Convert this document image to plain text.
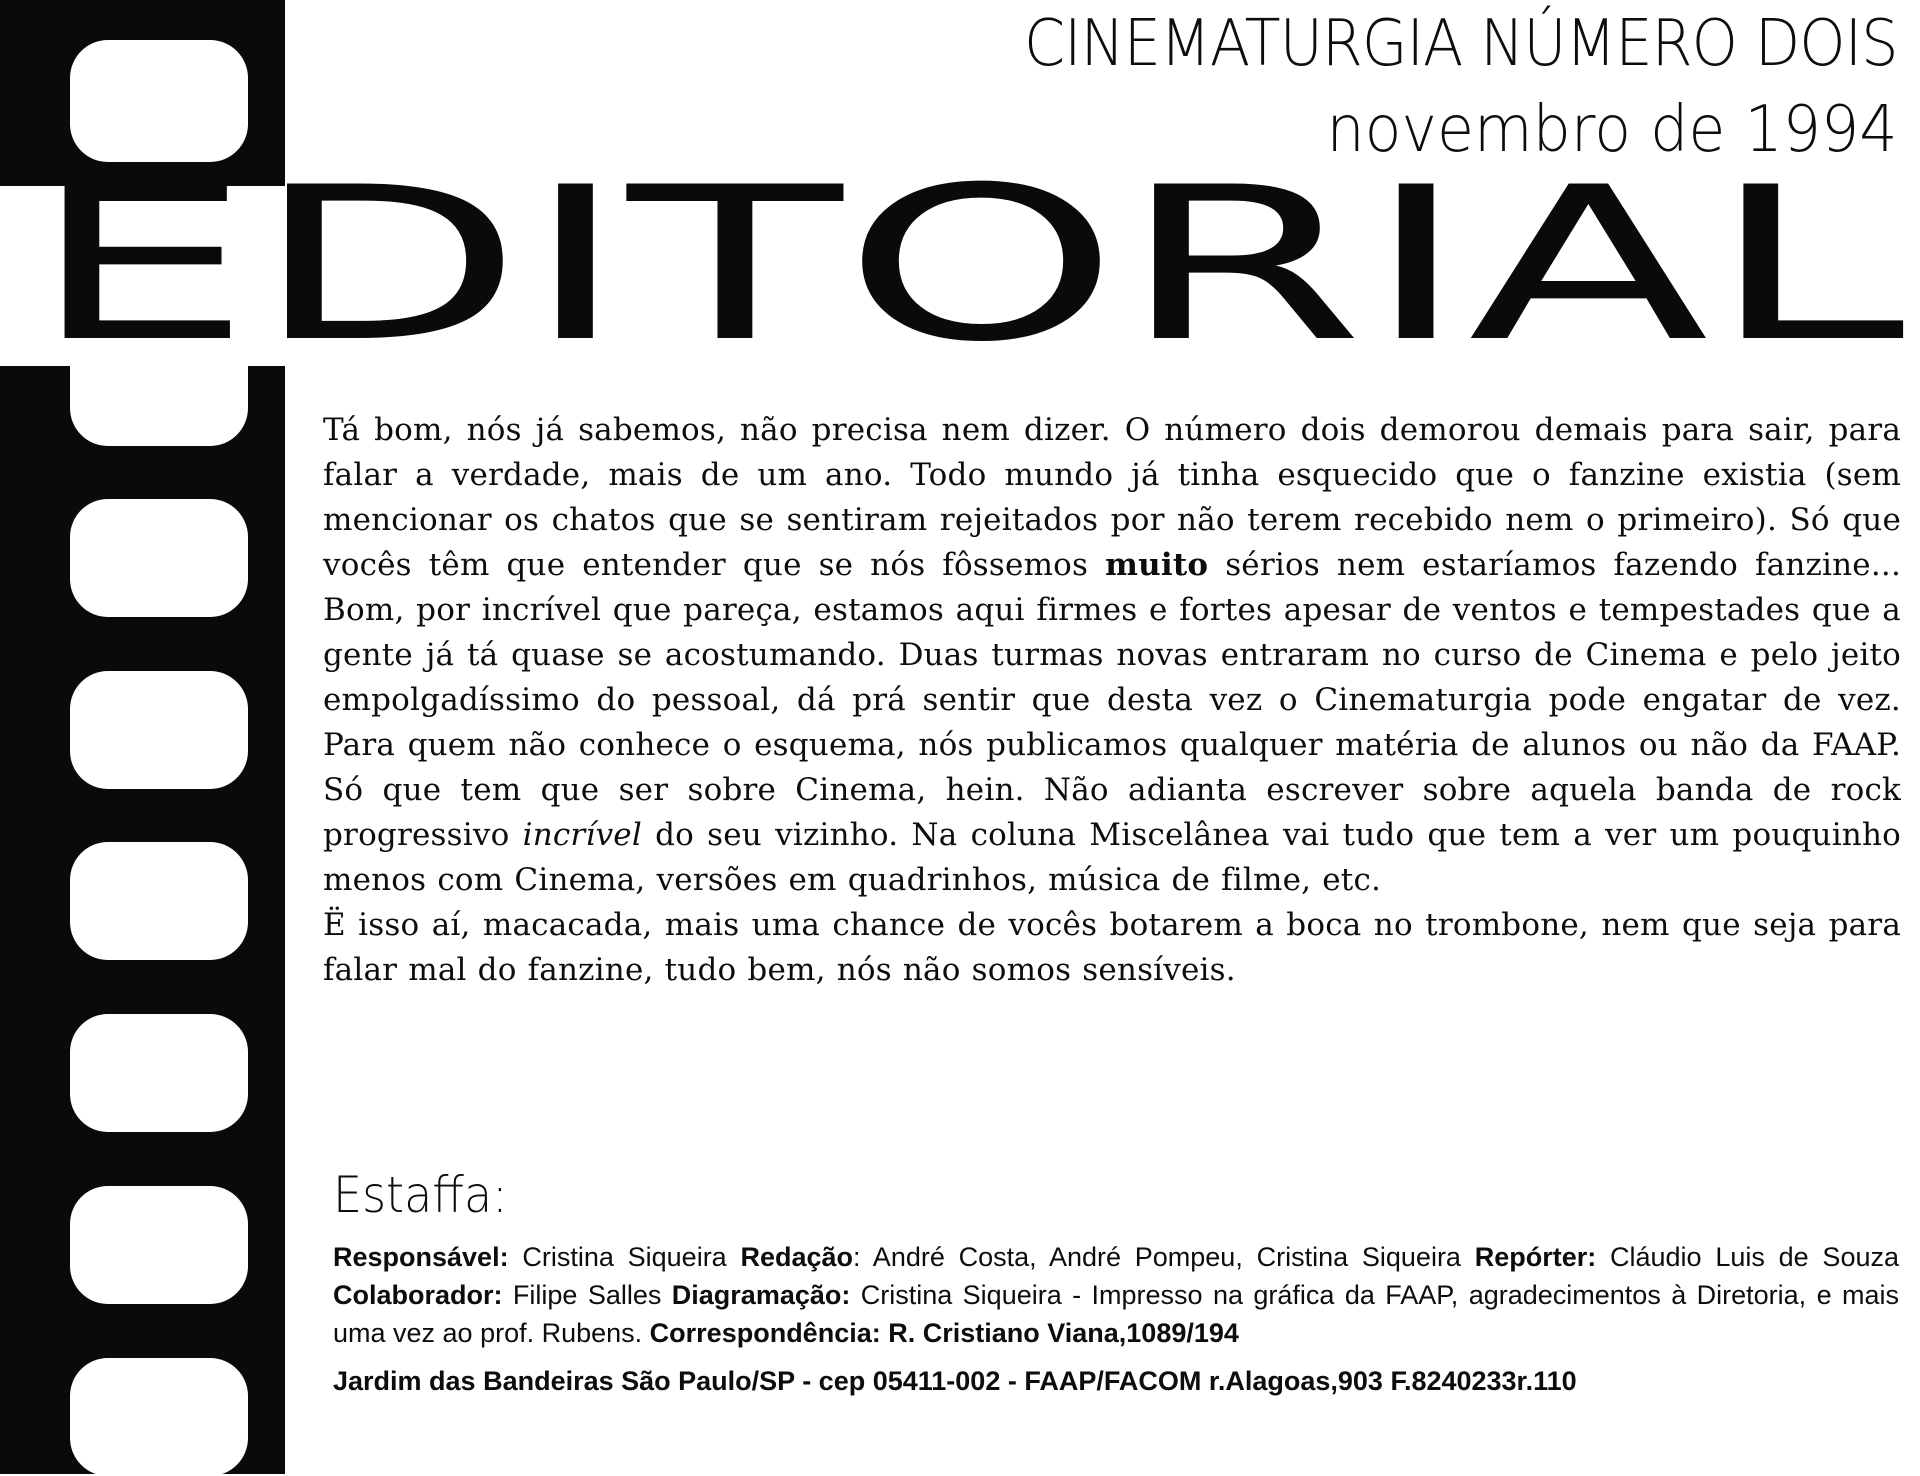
CINEMATURGIA NÚMERO DOIS
novembro de 1994
EDITORIAL

Tá bom, nós já sabemos, não precisa nem dizer. O número dois demorou demais para sair, para falar a verdade, mais de um ano. Todo mundo já tinha esquecido que o fanzine existia (sem mencionar os chatos que se sentiram rejeitados por não terem recebido nem o primeiro). Só que vocês têm que entender que se nós fôssemos muito sérios nem estaríamos fazendo fanzine... Bom, por incrível que pareça, estamos aqui firmes e fortes apesar de ventos e tempestades que a gente já tá quase se acostumando. Duas turmas novas entraram no curso de Cinema e pelo jeito empolgadíssimo do pessoal, dá prá sentir que desta vez o Cinematurgia pode engatar de vez. Para quem não conhece o esquema, nós publicamos qualquer matéria de alunos ou não da FAAP. Só que tem que ser sobre Cinema, hein. Não adianta escrever sobre aquela banda de rock progressivo incrível do seu vizinho. Na coluna Miscelânea vai tudo que tem a ver um pouquinho menos com Cinema, versões em quadrinhos, música de filme, etc.

Ë isso aí, macacada, mais uma chance de vocês botarem a boca no trombone, nem que seja para falar mal do fanzine, tudo bem, nós não somos sensíveis.

Estaffa:
Responsável: Cristina Siqueira Redação: André Costa, André Pompeu, Cristina Siqueira Repórter: Cláudio Luis de Souza Colaborador: Filipe Salles Diagramação: Cristina Siqueira - Impresso na gráfica da FAAP, agradecimentos à Diretoria, e mais uma vez ao prof. Rubens. Correspondência: R. Cristiano Viana,1089/194
Jardim das Bandeiras São Paulo/SP - cep 05411-002 - FAAP/FACOM r.Alagoas,903 F.8240233r.110
